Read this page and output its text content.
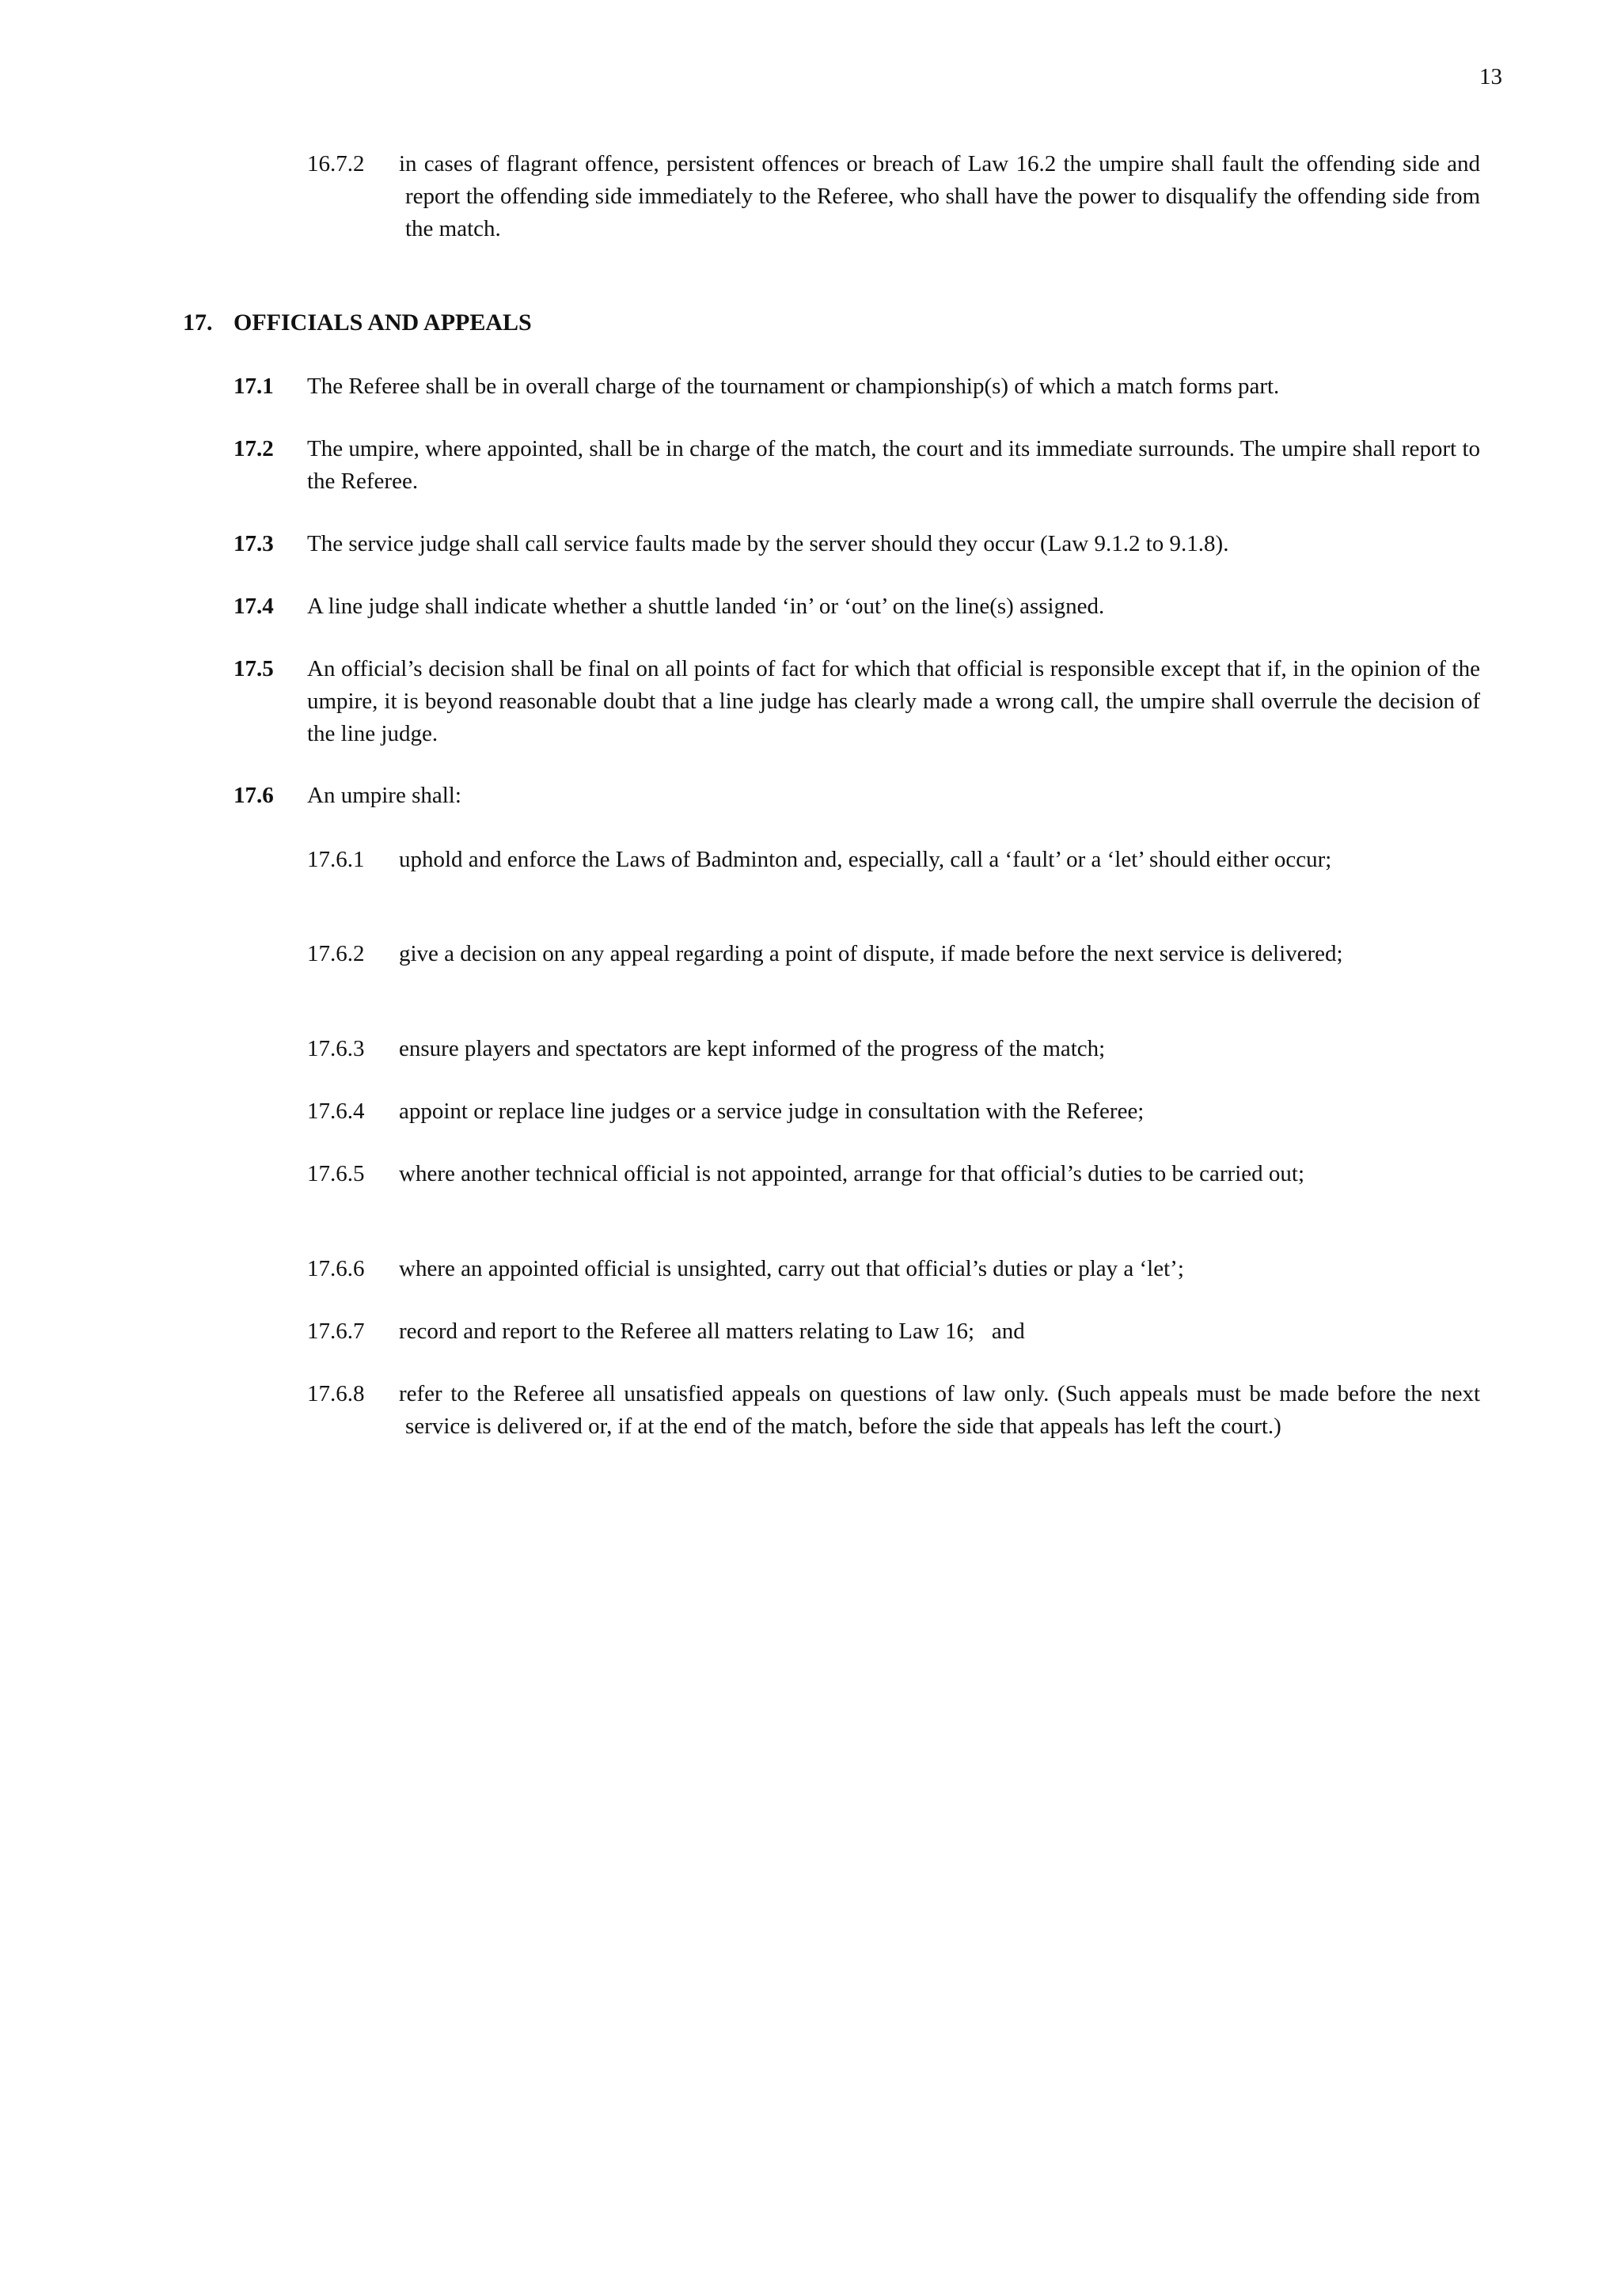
13
16.7.2 in cases of flagrant offence, persistent offences or breach of Law 16.2 the umpire shall fault the offending side and report the offending side immediately to the Referee, who shall have the power to disqualify the offending side from the match.
17. OFFICIALS AND APPEALS
17.1 The Referee shall be in overall charge of the tournament or championship(s) of which a match forms part.
17.2 The umpire, where appointed, shall be in charge of the match, the court and its immediate surrounds. The umpire shall report to the Referee.
17.3 The service judge shall call service faults made by the server should they occur (Law 9.1.2 to 9.1.8).
17.4 A line judge shall indicate whether a shuttle landed ‘in’ or ‘out’ on the line(s) assigned.
17.5 An official’s decision shall be final on all points of fact for which that official is responsible except that if, in the opinion of the umpire, it is beyond reasonable doubt that a line judge has clearly made a wrong call, the umpire shall overrule the decision of the line judge.
17.6 An umpire shall:
17.6.1 uphold and enforce the Laws of Badminton and, especially, call a ‘fault’ or a ‘let’ should either occur;
17.6.2 give a decision on any appeal regarding a point of dispute, if made before the next service is delivered;
17.6.3 ensure players and spectators are kept informed of the progress of the match;
17.6.4 appoint or replace line judges or a service judge in consultation with the Referee;
17.6.5 where another technical official is not appointed, arrange for that official’s duties to be carried out;
17.6.6 where an appointed official is unsighted, carry out that official’s duties or play a ‘let’;
17.6.7 record and report to the Referee all matters relating to Law 16;   and
17.6.8 refer to the Referee all unsatisfied appeals on questions of law only. (Such appeals must be made before the next service is delivered or, if at the end of the match, before the side that appeals has left the court.)
